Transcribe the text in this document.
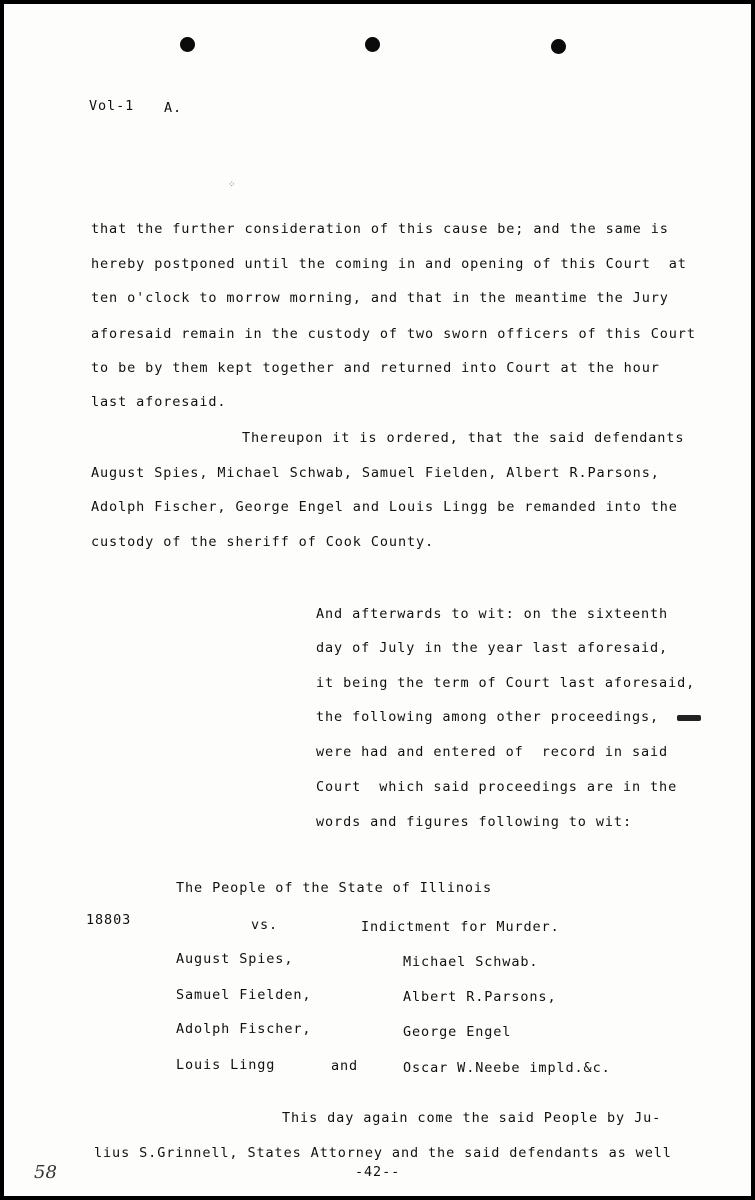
Vol-1 A.
⁘
that the further consideration of this cause be; and the same is
hereby postponed until the coming in and opening of this Court  at
ten o'clock to morrow morning, and that in the meantime the Jury
aforesaid remain in the custody of two sworn officers of this Court
to be by them kept together and returned into Court at the hour
last aforesaid.
Thereupon it is ordered, that the said defendants
August Spies, Michael Schwab, Samuel Fielden, Albert R.Parsons,
Adolph Fischer, George Engel and Louis Lingg be remanded into the
custody of the sheriff of Cook County.
And afterwards to wit: on the sixteenth
day of July in the year last aforesaid,
it being the term of Court last aforesaid,
the following among other proceedings,
were had and entered of  record in said
Court  which said proceedings are in the
words and figures following to wit:
The People of the State of Illinois
18803	vs.	Indictment for Murder.
August Spies,
Samuel Fielden,
Adolph Fischer,
Louis Lingg	and
Michael Schwab.
Albert R.Parsons,
George Engel
Oscar W.Neebe impld.&c.
This day again come the said People by Ju-
lius S.Grinnell, States Attorney and the said defendants as well
58	-42--
